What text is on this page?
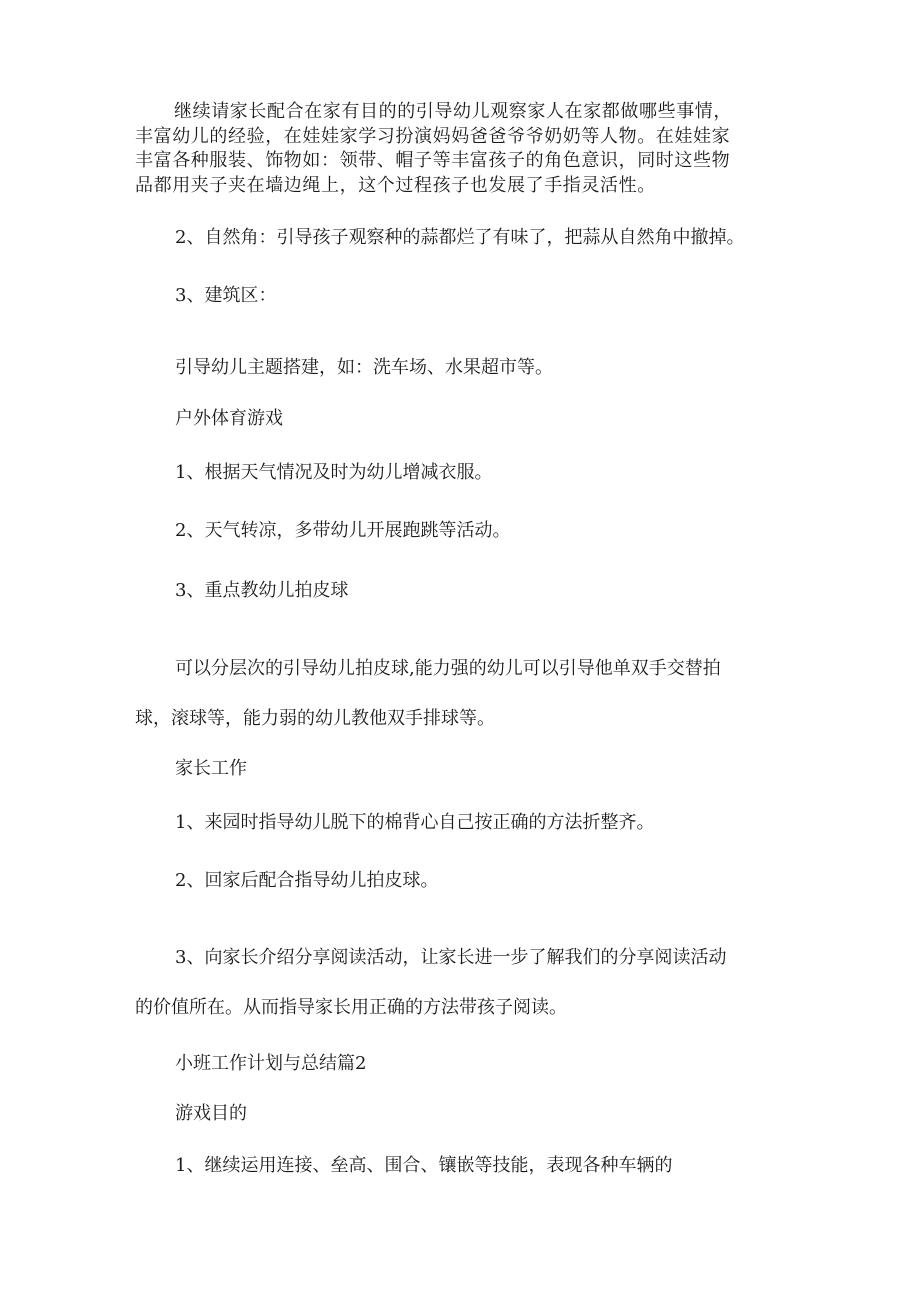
继续请家长配合在家有目的的引导幼儿观察家人在家都做哪些事情，
丰富幼儿的经验，在娃娃家学习扮演妈妈爸爸爷爷奶奶等人物。在娃娃家
丰富各种服装、饰物如：领带、帽子等丰富孩子的角色意识，同时这些物
品都用夹子夹在墙边绳上，这个过程孩子也发展了手指灵活性。

2、自然角：引导孩子观察种的蒜都烂了有味了，把蒜从自然角中撤掉。

3、建筑区：

引导幼儿主题搭建，如：洗车场、水果超市等。

户外体育游戏

1、根据天气情况及时为幼儿增减衣服。

2、天气转凉，多带幼儿开展跑跳等活动。

3、重点教幼儿拍皮球

可以分层次的引导幼儿拍皮球,能力强的幼儿可以引导他单双手交替拍

球，滚球等，能力弱的幼儿教他双手排球等。

家长工作

1、来园时指导幼儿脱下的棉背心自己按正确的方法折整齐。

2、回家后配合指导幼儿拍皮球。

3、向家长介绍分享阅读活动，让家长进一步了解我们的分享阅读活动

的价值所在。从而指导家长用正确的方法带孩子阅读。

小班工作计划与总结篇2

游戏目的

1、继续运用连接、垒高、围合、镶嵌等技能，表现各种车辆的
